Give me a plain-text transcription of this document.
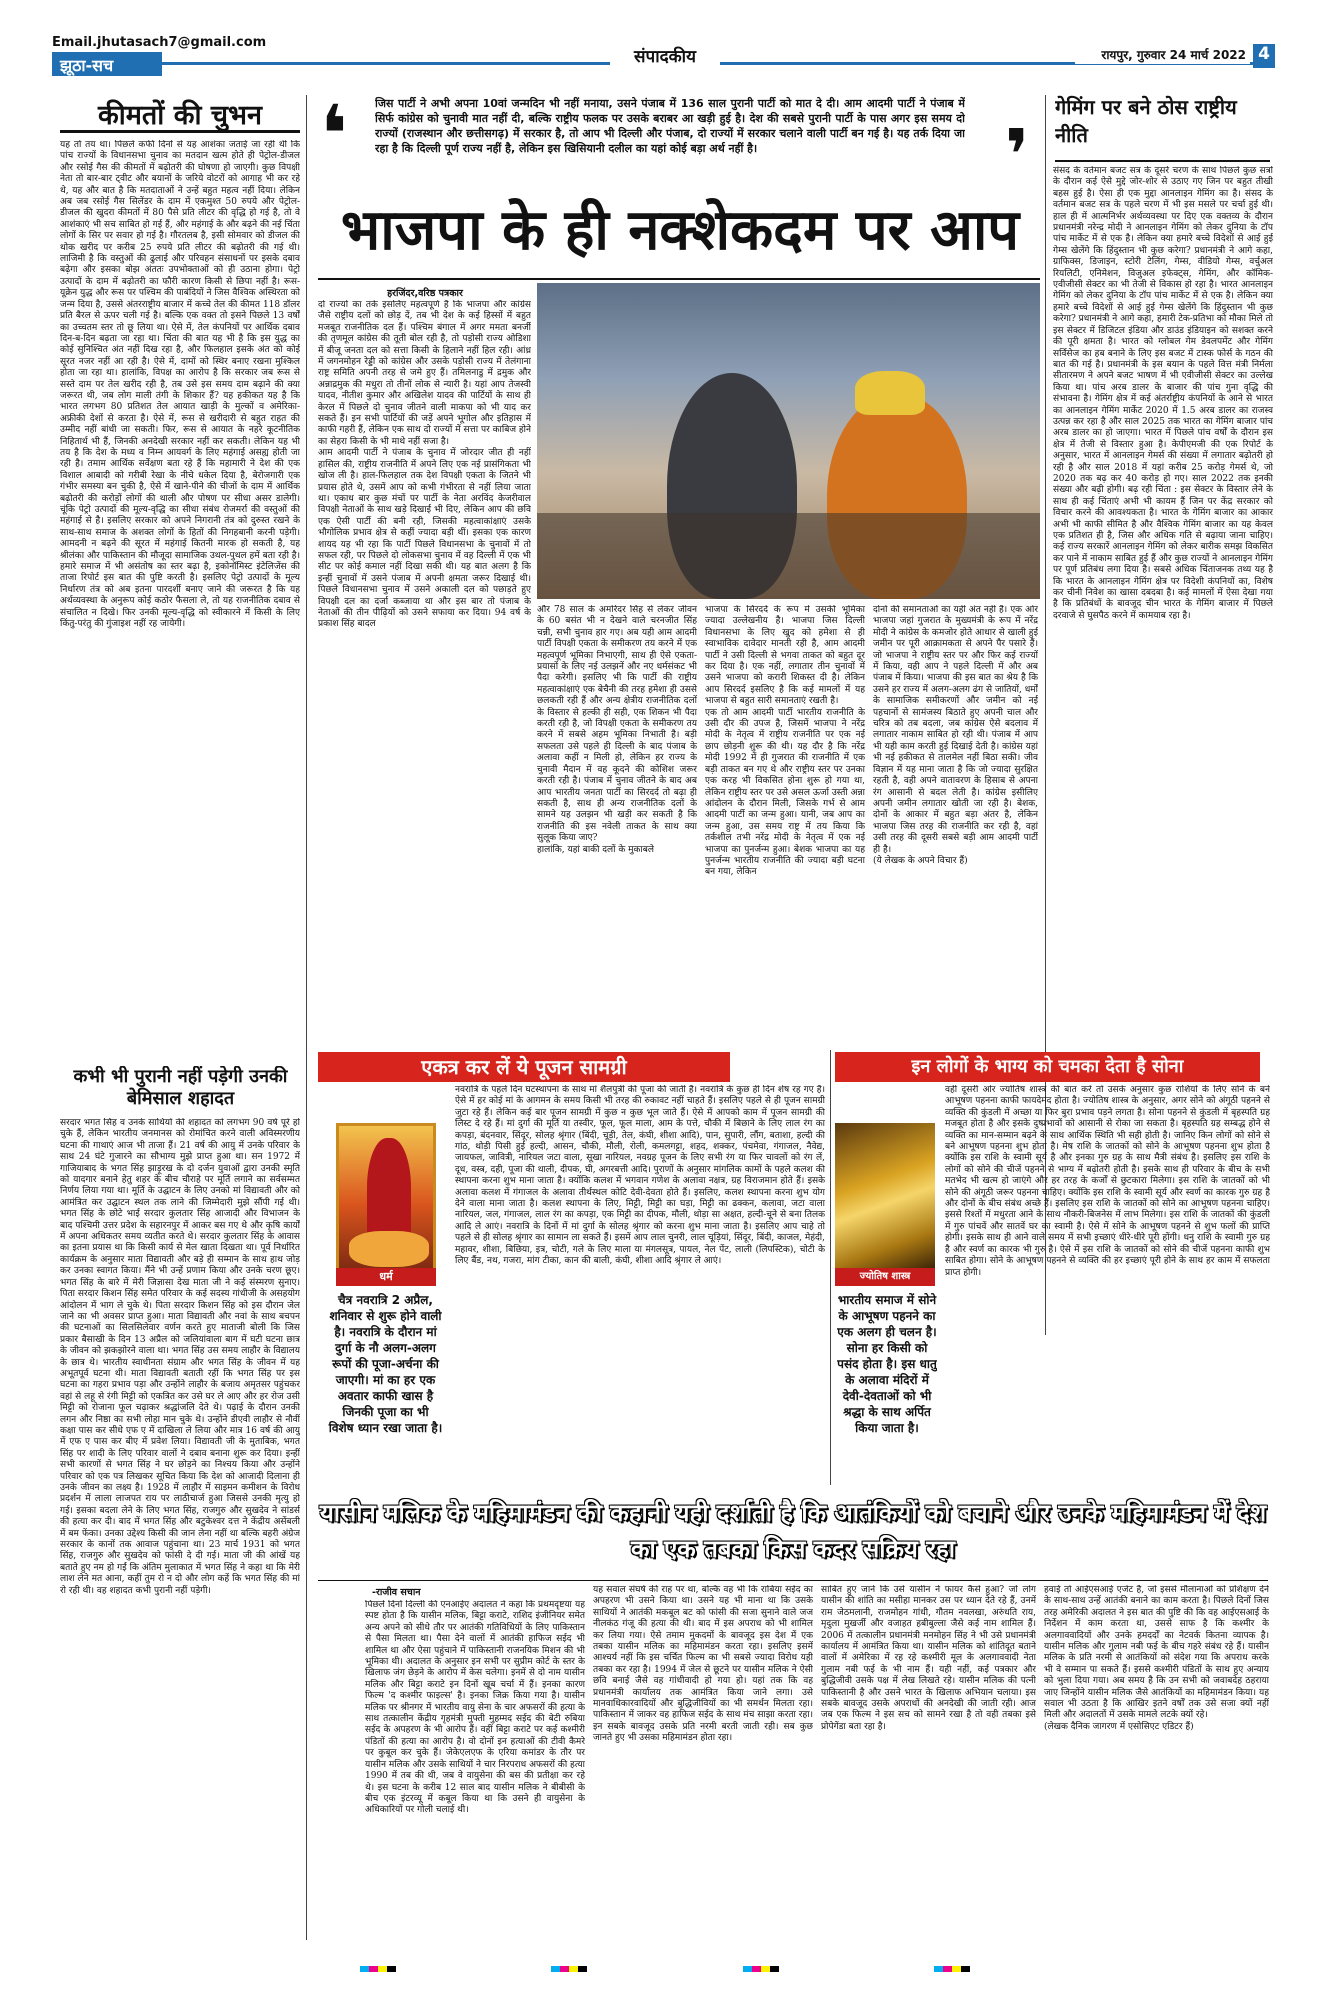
Email.jhutasach7@gmail.com
झूठा-सच	संपादकीय	रायपुर, गुरुवार 24 मार्च 2022 4
कीमतों की चुभन

यह तो तय था। पिछले कफी दिनों से यह आशंका जताई जा रही थी कि पांच राज्यों के विधानसभा चुनाव का मतदान खत्म होते ही पेट्रोल-डीजल और रसोई गैस की कीमतों में बढ़ोतरी की घोषणा हो जाएगी। कुछ विपक्षी नेता तो बार-बार ट्वीट और बयानों के जरिये वोटरों को आगाह भी कर रहे थे, यह और बात है कि मतदाताओं ने उन्हें बहुत महत्व नहीं दिया। लेकिन अब जब रसोई गैस सिलेंडर के दाम में एकमुश्त 50 रुपये और पेट्रोल-डीजल की खुदरा कीमतों में 80 पैसे प्रति लीटर की वृद्धि हो गई है, तो वे आशंकाएं भी सच साबित हो गई हैं, और महंगाई के और बढ़ने की नई चिंता लोगों के सिर पर सवार हो गई है। गौरतलब है, इसी सोमवार को डीजल की थोक खरीद पर करीब 25 रुपये प्रति लीटर की बढ़ोतरी की गई थी। लाजिमी है कि वस्तुओं की ढुलाई और परिवहन संसाधनों पर इसके दबाव बढ़ेगा और इसका बोझ अंततः उपभोक्ताओं को ही उठाना होगा। पेट्रो उत्पादों के दाम में बढ़ोतरी का फौरी कारण किसी से छिपा नहीं है। रूस-यूक्रेन युद्ध और रूस पर पश्चिम की पाबंदियों ने जिस वैश्विक अस्थिरता को जन्म दिया है, उससे अंतरराष्ट्रीय बाजार में कच्चे तेल की कीमत 118 डॉलर प्रति बैरल से ऊपर चली गई है। बल्कि एक वक्त तो इसने पिछले 13 वर्षों का उच्चतम स्तर तो छू लिया था। ऐसे में, तेल कंपनियों पर आर्थिक दबाव दिन-ब-दिन बढ़ता जा रहा था। चिंता की बात यह भी है कि इस युद्ध का कोई सुनिश्चित अंत नहीं दिख रहा है, और फिलहाल इसके अंत को कोई सूरत नजर नहीं आ रही है। ऐसे में, दामों को स्थिर बनाए रखना मुश्किल होता जा रहा था। हालांकि, विपक्ष का आरोप है कि सरकार जब रूस से सस्ते दाम पर तेल खरीद रही है, तब उसे इस समय दाम बढ़ाने की क्या जरूरत थी, जब लोग माली तंगी के शिकार हैं? यह हकीकत यह है कि भारत लगभग 80 प्रतिशत तेल आयात खाड़ी के मुल्कों व अमेरिका-अफ्रीकी देशों से करता है। ऐसे में, रूस से खरीदारी से बहुत राहत की उम्मीद नहीं बांधी जा सकती। फिर, रूस से आयात के नहरे कूटनीतिक निहितार्थ भी हैं, जिनकी अनदेखी सरकार नहीं कर सकती। लेकिन यह भी तय है कि देश के मध्य व निम्न आयवर्ग के लिए महंगाई असह्य होती जा रही है। तमाम आर्थिक सर्वेक्षण बता रहे हैं कि महामारी ने देश की एक विशाल आबादी को गरीबी रेखा के नीचे धकेल दिया है, बेरोजगारी एक गंभीर समस्या बन चुकी है, ऐसे में खाने-पीने की चीजों के दाम में आर्थिक बढ़ोतरी की करोड़ों लोगों की थाली और पोषण पर सीधा असर डालेगी। चूंकि पेट्रो उत्पादों की मूल्य-वृद्धि का सीधा संबंध रोजमर्रा की वस्तुओं की महंगाई से है। इसलिए सरकार को अपने निगरानी तंत्र को दुरुस्त रखने के साथ-साथ समाज के अशक्त लोगों के हितों की निगहबानी करनी पड़ेगी। आमदनी न बढ़ने की सूरत में महंगाई कितनी मारक हो सकती है, यह श्रीलंका और पाकिस्तान की मौजूदा सामाजिक उथल-पुथल हमें बता रही है। हमारे समाज में भी असंतोष का स्तर बढ़ा है, इकोनॉमिस्ट इंटेलिजेंस की ताजा रिपोर्ट इस बात की पुष्टि करती है। इसलिए पेट्रो उत्पादों के मूल्य निर्धारण तंत्र को अब इतना पारदर्शी बनाए जाने की जरूरत है कि यह अर्थव्यवस्था के अनुरूप कोई कठोर फैसला ले, तो यह राजनीतिक दबाव से संचालित न दिखे। फिर उनकी मूल्य-वृद्धि को स्वीकारने में किसी के लिए किंतु-परंतु की गुंजाइश नहीं रह जायेगी।

कभी भी पुरानी नहीं पड़ेगी उनकी बेमिसाल शहादत

सरदार भगत सिंह व उनके साथियों की शहादत को लगभग 90 वर्ष पूरे हो चुके हैं, लेकिन भारतीय जनमानस को रोमांचित करने वाली अविस्मरणीय घटना की गाथाएं आज भी ताजा हैं। 21 वर्ष की आयु में उनके परिवार के साथ 24 घंटे गुजारने का सौभाग्य मुझे प्राप्त हुआ था। सन 1972 में गाजियाबाद के भगत सिंह झाड़ूरख के दो दर्जन युवाओं द्वारा उनकी स्मृति को यादगार बनाने हेतु शहर के बीच चौराहे पर मूर्ति लगाने का सर्वसम्मत निर्णय लिया गया था। मूर्ति के उद्घाटन के लिए उनको मां विद्यावती और को आमंत्रित कर उद्घाटन स्थल तक लाने की जिम्मेदारी मुझे सौंपी गई थी। भगत सिंह के छोटे भाई सरदार कुलतार सिंह आजादी और विभाजन के बाद पश्चिमी उत्तर प्रदेश के सहारनपुर में आकर बस गए थे और कृषि कार्यों में अपना अधिकतर समय व्यतीत करते थे। सरदार कुलतार सिंह के आवास का इतना प्रयास था कि किसी कार्य से मेल खाता दिखता था। पूर्व निर्धारित कार्यक्रम के अनुसार माता विद्यावती और बड़े ही सम्मान के साथ हाथ जोड़ कर उनका स्वागत किया। मैंने भी उन्हें प्रणाम किया और उनके चरण छूए। भगत सिंह के बारे में मेरी जिज्ञासा देख माता जी ने कई संस्मरण सुनाए। पिता सरदार किशन सिंह समेत परिवार के कई सदस्य गांधीजी के असहयोग आंदोलन में भाग ले चुके थे। पिता सरदार किशन सिंह को इस दौरान जेल जाने का भी अवसर प्राप्त हुआ। माता विद्यावती और नवां के साथ बचपन की घटनाओं का सिलसिलेवार वर्णन करते हुए माताजी बोली कि जिस प्रकार बैसाखी के दिन 13 अप्रैल को जलियांवाला बाग में घटी घटना छात्र के जीवन को झकझोरने वाला था। भगत सिंह उस समय लाहौर के विद्यालय के छात्र थे। भारतीय स्वाधीनता संग्राम और भगत सिंह के जीवन में यह अभूतपूर्व घटना थी। माता विद्यावती बताती रहीं कि भगत सिंह पर इस घटना का गहरा प्रभाव पड़ा और उन्होंने लाहौर के बजाय अमृतसर पहुंचकर वहां से लहू से रंगी मिट्टी को एकत्रित कर उसे घर ले आए और हर रोज उसी मिट्टी को रोजाना फूल चढ़ाकर श्रद्धांजलि देते थे। पढ़ाई के दौरान उनकी लगन और निष्ठा का सभी लोहा मान चुके थे। उन्होंने डीएवी लाहौर से नौवीं कक्षा पास कर सीधे एफ ए में दाखिला ले लिया और मात्र 16 वर्ष की आयु में एफ ए पास कर बीए में प्रवेश लिया। विद्यावती जी के मुताबिक, भगत सिंह पर शादी के लिए परिवार वालों ने दबाव बनाना शुरू कर दिया। इन्हीं सभी कारणों से भगत सिंह ने घर छोड़ने का निश्चय किया और उन्होंने परिवार को एक पत्र लिखकर सूचित किया कि देश को आजादी दिलाना ही उनके जीवन का लक्ष्य है। 1928 में लाहौर में साइमन कमीशन के विरोध प्रदर्शन में लाला लाजपत राय पर लाठीचार्ज हुआ जिससे उनकी मृत्यु हो गई। इसका बदला लेने के लिए भगत सिंह, राजगुरु और सुखदेव ने सांडर्स की हत्या कर दी। बाद में भगत सिंह और बटुकेश्वर दत्त ने केंद्रीय असेंबली में बम फेंका। उनका उद्देश्य किसी की जान लेना नहीं था बल्कि बहरी अंग्रेज सरकार के कानों तक आवाज पहुंचाना था। 23 मार्च 1931 को भगत सिंह, राजगुरु और सुखदेव को फांसी दे दी गई। माता जी की आंखें यह बताते हुए नम हो गईं कि अंतिम मुलाकात में भगत सिंह ने कहा था कि मेरी लाश लेने मत आना, कहीं तुम रो न दो और लोग कहें कि भगत सिंह की मां रो रही थी। वह शहादत कभी पुरानी नहीं पड़ेगी।

❛	जिस पार्टी ने अभी अपना 10वां जन्मदिन भी नहीं मनाया, उसने पंजाब में 136 साल पुरानी पार्टी को मात दे दी। आम आदमी पार्टी ने पंजाब में सिर्फ कांग्रेस को चुनावी मात नहीं दी, बल्कि राष्ट्रीय फलक पर उसके बराबर आ खड़ी हुई है। देश की सबसे पुरानी पार्टी के पास अगर इस समय दो राज्यों (राजस्थान और छत्तीसगढ़) में सरकार है, तो आप भी दिल्ली और पंजाब, दो राज्यों में सरकार चलाने वाली पार्टी बन गई है। यह तर्क दिया जा रहा है कि दिल्ली पूर्ण राज्य नहीं है, लेकिन इस खिसियानी दलील का यहां कोई बड़ा अर्थ नहीं है।	❜
भाजपा के ही नक्शेकदम पर आप
हरजिंदर,वरिष्ठ पत्रकार

दो राज्यों का तर्क इसलिए महत्वपूर्ण है कि भाजपा और कांग्रेस जैसे राष्ट्रीय दलों को छोड़ दें, तब भी देश के कई हिस्सों में बहुत मजबूत राजनीतिक दल हैं। पश्चिम बंगाल में अगर ममता बनर्जी की तृणमूल कांग्रेस की तूती बोल रही है, तो पड़ोसी राज्य ओडिशा में बीजू जनता दल को सत्ता किसी के हिलाने नहीं हिल रही। आंध्र में जगनमोहन रेड्डी को कांग्रेस और उसके पड़ोसी राज्य में तेलंगाना राष्ट्र समिति अपनी तरह से जमे हुए हैं। तमिलनाडु में द्रमुक और अन्नाद्रमुक की मधुरा तो तीनों लोक से न्यारी है। यहां आप तेजस्वी यादव, नीतीश कुमार और अखिलेश यादव की पार्टियों के साथ ही केरल में पिछले दो चुनाव जीतने वाली माकपा को भी याद कर सकते हैं। इन सभी पार्टियों की जड़ें अपने भूगोल और इतिहास में काफी गहरी हैं, लेकिन एक साथ दो राज्यों में सत्ता पर काबिज होने का सेहरा किसी के भी माथे नहीं सजा है।
आम आदमी पार्टी ने पंजाब के चुनाव में जोरदार जीत ही नहीं हासिल की, राष्ट्रीय राजनीति में अपने लिए एक नई प्रासंगिकता भी खोज ली है। हाल-फिलहाल तक देश विपक्षी एकता के जितने भी प्रयास होते थे, उसमें आप को कभी गंभीरता से नहीं लिया जाता था। एकाध बार कुछ मंचों पर पार्टी के नेता अरविंद केजरीवाल विपक्षी नेताओं के साथ खड़े दिखाई भी दिए, लेकिन आप की छवि एक ऐसी पार्टी की बनी रही, जिसकी महत्वाकांक्षाएं उसके भौगोलिक प्रभाव क्षेत्र से कहीं ज्यादा बड़ी थीं। इसका एक कारण शायद यह भी रहा कि पार्टी पिछले विधानसभा के चुनावों में तो सफल रही, पर पिछले दो लोकसभा चुनाव में वह दिल्ली में एक भी सीट पर कोई कमाल नहीं दिखा सकी थी। यह बात अलग है कि इन्हीं चुनावों में उसने पंजाब में अपनी क्षमता जरूर दिखाई थी। पिछले विधानसभा चुनाव में उसने अकाली दल को पछाड़ते हुए विपक्षी दल का दर्जा कब्जाया था और इस बार तो पंजाब के नेताओं की तीन पीढ़ियों को उसने सफाया कर दिया। 94 वर्ष के प्रकाश सिंह बादल

और 78 साल के अमरिंदर सिंह से लेकर जीवन के 60 बसंत भी न देखने वाले चरनजीत सिंह चन्नी, सभी चुनाव हार गए। अब यही आम आदमी पार्टी विपक्षी एकता के समीकरण तय करने में एक महत्वपूर्ण भूमिका निभाएगी, साथ ही ऐसे एकता-प्रयासों के लिए नई उलझनें और नए धर्मसंकट भी पैदा करेगी। इसलिए भी कि पार्टी की राष्ट्रीय महत्वाकांक्षाएं एक बेचैनी की तरह हमेशा ही उससे छलकती रही हैं और अन्य क्षेत्रीय राजनीतिक दलों के विस्तार से हल्की ही सही, एक शिकन भी पैदा करती रही है, जो विपक्षी एकता के समीकरण तय करने में सबसे अहम भूमिका निभाती है। बड़ी सफलता उसे पहले ही दिल्ली के बाद पंजाब के अलावा कहीं न मिली हो, लेकिन हर राज्य के चुनावी मैदान में वह कूदने की कोशिश जरूर करती रही है। पंजाब में चुनाव जीतने के बाद अब आप भारतीय जनता पार्टी का सिरदर्द तो बढ़ा ही सकती है, साथ ही अन्य राजनीतिक दलों के सामने यह उलझन भी खड़ी कर सकती है कि राजनीति की इस नवेली ताकत के साथ क्या सुलूक किया जाए?
हालांकि, यहां बाकी दलों के मुकाबले

भाजपा के सिरदर्द के रूप में उसकी भूमिका ज्यादा उल्लेखनीय है। भाजपा जिस दिल्ली विधानसभा के लिए खुद को हमेशा से ही स्वाभाविक दावेदार मानती रही है, आम आदमी पार्टी ने उसी दिल्ली से भगवा ताकत को बहुत दूर कर दिया है। एक नहीं, लगातार तीन चुनावों में उसने भाजपा को करारी शिकस्त दी है। लेकिन आप सिरदर्द इसलिए है कि कई मामलों में यह भाजपा से बहुत सारी समानताएं रखती है।
एक तो आम आदमी पार्टी भारतीय राजनीति के उसी दौर की उपज है, जिसमें भाजपा ने नरेंद्र मोदी के नेतृत्व में राष्ट्रीय राजनीति पर एक नई छाप छोड़नी शुरू की थी। यह दौर है कि नरेंद्र मोदी 1992 में ही गुजरात की राजनीति में एक बड़ी ताकत बन गए थे और राष्ट्रीय स्तर पर उनका एक करह भी विकसित होना शुरू हो गया था, लेकिन राष्ट्रीय स्तर पर उसे असल ऊर्जा उस्ती अन्ना आंदोलन के दौरान मिली, जिसके गर्भ से आम आदमी पार्टी का जन्म हुआ। यानी, जब आप का जन्म हुआ, उस समय राष्ट्र में तय किया कि तर्कशील तभी नरेंद्र मोदी के नेतृत्व में एक नई भाजपा का पुनर्जन्म हुआ। बेशक भाजपा का यह पुनर्जन्म भारतीय राजनीति की ज्यादा बड़ी घटना बन गया, लेकिन

दोनों की समानताओं का यही अंत नहीं है। एक ओर भाजपा जहां गुजरात के मुख्यमंत्री के रूप में नरेंद्र मोदी ने कांग्रेस के कमजोर होते आधार से खाली हुई जमीन पर पूरी आक्रामकता से अपने पैर पसारे हैं। जो भाजपा ने राष्ट्रीय स्तर पर और फिर कई राज्यों में किया, वही आप ने पहले दिल्ली में और अब पंजाब में किया। भाजपा की इस बात का श्रेय है कि उसने हर राज्य में अलग-अलग ढंग से जातियों, धर्मों के सामाजिक समीकरणों और जमीन को नई पहचानों से सामंजस्य बिठाते हुए अपनी चाल और चरित्र को तब बदला, जब कांग्रेस ऐसे बदलाव में लगातार नाकाम साबित हो रही थी। पंजाब में आप भी यही काम करती हुई दिखाई देती है। कांग्रेस यहां भी नई हकीकत से तालमेल नहीं बिठा सकी। जीव विज्ञान में यह माना जाता है कि जो ज्यादा सुरक्षित रहती है, वही अपने वातावरण के हिसाब से अपना रंग आसानी से बदल लेती है। कांग्रेस इसीलिए अपनी जमीन लगातार खोती जा रही है। बेशक, दोनों के आकार में बहुत बड़ा अंतर है, लेकिन भाजपा जिस तरह की राजनीति कर रही है, वहां उसी तरह की दूसरी सबसे बड़ी आम आदमी पार्टी ही है।
(ये लेखक के अपने विचार हैं)

गेमिंग पर बने ठोस राष्ट्रीय नीति

संसद के वर्तमान बजट सत्र के दूसरे चरण के साथ पिछले कुछ सत्रों के दौरान कई ऐसे मुद्दे जोर-शोर से उठाए गए जिन पर बहुत तीखी बहस हुई है। ऐसा ही एक मुद्दा आनलाइन गेमिंग का है। संसद के वर्तमान बजट सत्र के पहले चरण में भी इस मसले पर चर्चा हुई थी। हाल ही में आत्मनिर्भर अर्थव्यवस्था पर दिए एक वक्तव्य के दौरान प्रधानमंत्री नरेन्द्र मोदी ने आनलाइन गेमिंग को लेकर दुनिया के टॉप पांच मार्केट में से एक है। लेकिन क्या हमारे बच्चे विदेशों से आई हुई गेम्स खेलेंगे कि हिंदुस्तान भी कुछ करेगा? प्रधानमंत्री ने आगे कहा, ग्राफिक्स, डिजाइन, स्टोरी टेलिंग, गेम्स, वीडियो गेम्स, वर्चुअल रियलिटी, एनिमेशन, विजुअल इफेक्ट्स, गेमिंग, और कॉमिक-एवीजीसी सेक्टर का भी तेजी से विकास हो रहा है। भारत आनलाइन गेमिंग को लेकर दुनिया के टॉप पांच मार्केट में से एक है। लेकिन क्या हमारे बच्चे विदेशों से आई हुई गेम्स खेलेंगे कि हिंदुस्तान भी कुछ करेगा? प्रधानमंत्री ने आगे कहा, हमारी टेक-प्रतिभा को मौका मिले तो इस सेक्टर में डिजिटल इंडिया और डाउंड इंडियाइन को सशक्त करने की पूरी क्षमता है। भारत को ग्लोबल गेम डेवलपमेंट और गेमिंग सर्विसेज का हब बनाने के लिए इस बजट में टास्क फोर्स के गठन की बात की गई है। प्रधानमंत्री के इस बयान के पहले वित्त मंत्री निर्मला सीतारमण ने अपने बजट भाषण में भी एवीजीसी सेक्टर का उल्लेख किया था। पांच अरब डालर के बाजार की पांच गुना वृद्धि की संभावना है। गेमिंग क्षेत्र में कई अंतर्राष्ट्रीय कंपनियों के आने से भारत का आनलाइन गेमिंग मार्केट 2020 में 1.5 अरब डालर का राजस्व उत्पन्न कर रहा है और साल 2025 तक भारत का गेमिंग बाजार पांच अरब डालर का हो जाएगा। भारत में पिछले पांच वर्षों के दौरान इस क्षेत्र में तेजी से विस्तार हुआ है। केपीएमजी की एक रिपोर्ट के अनुसार, भारत में आनलाइन गेमर्स की संख्या में लगातार बढ़ोतरी हो रही है और साल 2018 में यहां करीब 25 करोड़ गेमर्स थे, जो 2020 तक बढ़ कर 40 करोड़ हो गए। साल 2022 तक इनकी संख्या और बढ़ी होगी। बढ़ रही चिंता : इस सेक्टर के विस्तार लेने के साथ ही कई चिंताएं अभी भी कायम हैं जिन पर केंद्र सरकार को विचार करने की आवश्यकता है। भारत के गेमिंग बाजार का आकार अभी भी काफी सीमित है और वैश्विक गेमिंग बाजार का यह केवल एक प्रतिशत ही है, जिस और अधिक गति से बढ़ाया जाना चाहिए। कई राज्य सरकारें आनलाइन गेमिंग को लेकर बारीक समझ विकसित कर पाने में नाकाम साबित हुई हैं और कुछ राज्यों ने आनलाइन गेमिंग पर पूर्ण प्रतिबंध लगा दिया है। सबसे अधिक चिंताजनक तथ्य यह है कि भारत के आनलाइन गेमिंग क्षेत्र पर विदेशी कंपनियों का, विशेष कर चीनी निवेश का खासा दबदबा है। कई मामलों में ऐसा देखा गया है कि प्रतिबंधों के बावजूद चीन भारत के गेमिंग बाजार में पिछले दरवाजे से घुसपैठ करने में कामयाब रहा है।

एकत्र कर लें ये पूजन सामग्री
धर्म
चैत्र नवरात्रि 2 अप्रैल, शनिवार से शुरू होने वाली है। नवरात्रि के दौरान मां दुर्गा के नौ अलग-अलग रूपों की पूजा-अर्चना की जाएगी। मां का हर एक अवतार काफी खास है जिनकी पूजा का भी विशेष ध्यान रखा जाता है।

नवरात्रि के पहले दिन घटस्थापना के साथ मां शैलपुत्री की पूजा की जाती है। नवरात्रि के कुछ ही दिन शेष रह गए हैं। ऐसे में हर कोई मां के आगमन के समय किसी भी तरह की रुकावट नहीं चाहते हैं। इसलिए पहले से ही पूजन सामग्री जुटा रहे हैं। लेकिन कई बार पूजन सामग्री में कुछ न कुछ भूल जाते हैं। ऐसे में आपको काम में पूजन सामग्री की लिस्ट दे रहे हैं। मां दुर्गा की मूर्ति या तस्वीर, फूल, फूल माला, आम के पत्ते, चौकी में बिछाने के लिए लाल रंग का कपड़ा, बंदनवार, सिंदूर, सोलह श्रृंगार (बिंदी, चूड़ी, तेल, कंघी, शीशा आदि), पान, सुपारी, लौंग, बताशा, हल्दी की गांठ, थोड़ी पिसी हुई हल्दी, आसन, चौकी, मौली, रोली, कमलगट्टा, शहद, शक्कर, पंचमेवा, गंगाजल, नैवेद्य, जायफल, जावित्री, नारियल जटा वाला, सूखा नारियल, नवग्रह पूजन के लिए सभी रंग या फिर चावलों को रंग लें, दूध, वस्त्र, दही, पूजा की थाली, दीपक, घी, अगरबत्ती आदि। पुराणों के अनुसार मांगलिक कामों के पहले कलश की स्थापना करना शुभ माना जाता है। क्योंकि कलश में भगवान गणेश के अलावा नक्षत्र, ग्रह विराजमान होते हैं। इसके अलावा कलश में गंगाजल के अलावा तीर्थस्थल कोटि देवी-देवता होते हैं। इसलिए, कलश स्थापना करना शुभ योग देने वाला माना जाता है। कलश स्थापना के लिए, मिट्टी, मिट्टी का घड़ा, मिट्टी का ढक्कन, कलावा, जटा वाला नारियल, जल, गंगाजल, लाल रंग का कपड़ा, एक मिट्टी का दीपक, मौली, थोड़ा सा अक्षत, हल्दी-चूने से बना तिलक आदि ले आएं। नवरात्रि के दिनों में मां दुर्गा के सोलह श्रृंगार को करना शुभ माना जाता है। इसलिए आप चाहे तो पहले से ही सोलह श्रृंगार का सामान ला सकते हैं। इसमें आप लाल चुनरी, लाल चूड़ियां, सिंदूर, बिंदी, काजल, मेहंदी, महावर, शीशा, बिछिया, इत्र, चोटी, गले के लिए माला या मंगलसूत्र, पायल, नेल पेंट, लाली (लिपस्टिक), चोटी के लिए बैंड, नथ, गजरा, मांग टीका, कान की बाली, कंघी, शीशा आदि श्रृंगार ले आएं।

इन लोगों के भाग्य को चमका देता है सोना
ज्योतिष शास्त्र
भारतीय समाज में सोने के आभूषण पहनने का एक अलग ही चलन है। सोना हर किसी को पसंद होता है। इस धातु के अलावा मंदिरों में देवी-देवताओं को भी श्रद्धा के साथ अर्पित किया जाता है।

वहीं दूसरी ओर ज्योतिष शास्त्र की बात करें तो उसके अनुसार कुछ राशियों के लिए सोने के बने आभूषण पहनना काफी फायदेमंद होता है। ज्योतिष शास्त्र के अनुसार, अगर सोने को अंगूठी पहनने से व्यक्ति की कुंडली में अच्छा या फिर बुरा प्रभाव पड़ने लगता है। सोना पहनने से कुंडली में बृहस्पति ग्रह मजबूत होता है और इसके दुष्प्रभावों को आसानी से रोका जा सकता है। बृहस्पति ग्रह सम्बद्ध होने से व्यक्ति का मान-सम्मान बढ़ने के साथ आर्थिक स्थिति भी सही होती है। जानिए किन लोगों को सोने से बने आभूषण पहनना शुभ होता है। मेष राशि के जातकों को सोने के आभूषण पहनना शुभ होता है क्योंकि इस राशि के स्वामी सूर्य है और इनका गुरु ग्रह के साथ मैत्री संबंध है। इसलिए इस राशि के लोगों को सोने की चीजें पहनने से भाग्य में बढ़ोतरी होती है। इसके साथ ही परिवार के बीच के सभी मतभेद भी खत्म हो जाएंगे और हर तरह के कर्जों से छुटकारा मिलेगा। इस राशि के जातकों को भी सोने की अंगूठी जरूर पहनना चाहिए। क्योंकि इस राशि के स्वामी सूर्य और स्वर्ण का कारक गुरु ग्रह है और दोनों के बीच संबंध अच्छे हैं। इसलिए इस राशि के जातकों को सोने का आभूषण पहनना चाहिए। इससे रिश्तों में मधुरता आने के साथ नौकरी-बिजनेस में लाभ मिलेगा। इस राशि के जातकों की कुंडली में गुरु पांचवें और सातवें घर का स्वामी है। ऐसे में सोने के आभूषण पहनने से शुभ फलों की प्राप्ति होगी। इसके साथ ही आने वाले समय में सभी इच्छाएं धीरे-धीरे पूरी होंगी। धनु राशि के स्वामी गुरु ग्रह है और स्वर्ण का कारक भी गुरु है। ऐसे में इस राशि के जातकों को सोने की चीजें पहनना काफी शुभ साबित होगा। सोने के आभूषण पहनने से व्यक्ति की हर इच्छाएं पूरी होने के साथ हर काम में सफलता प्राप्त होगी।

यासीन मलिक के महिमामंडन की कहानी यही दर्शाती है कि आतंकियों को बचाने और उनके महिमामंडन में देश का एक तबका किस कदर सक्रिय रहा
-राजीव सचान

पिछले दिनों दिल्ली की एनआईए अदालत ने कहा कि प्रथमदृष्टया यह स्पष्ट होता है कि यासीन मलिक, बिट्टा कराटे, राशिद इंजीनियर समेत अन्य अपने को सीधे तौर पर आतंकी गतिविधियों के लिए पाकिस्तान से पैसा मिलता था। पैसा देने वालों में आतंकी हाफिज सईद भी शामिल था और ऐसा पहुंचाने में पाकिस्तानी राजनयिक मिशन की भी भूमिका थी। अदालत के अनुसार इन सभी पर सुप्रीम कोर्ट के स्तर के खिलाफ जंग छेड़ने के आरोप में केस चलेगा। इनमें से दो नाम यासीन मलिक और बिट्टा कराटे इन दिनों खूब चर्चा में हैं। इनका कारण फिल्म 'द कश्मीर फाइल्स' है। इनका जिक्र किया गया है। यासीन मलिक पर श्रीनगर में भारतीय वायु सेना के चार अफसरों की हत्या के साथ तत्कालीन केंद्रीय गृहमंत्री मुफ्ती मुहम्मद सईद की बेटी रुबिया सईद के अपहरण के भी आरोप हैं। वहीं बिट्टा कराटे पर कई कश्मीरी पंडितों की हत्या का आरोप है। वो दोनों इन हत्याओं की टीवी कैमरे पर कुबूल कर चुके हैं। जेकेएलएफ के एरिया कमांडर के तौर पर यासीन मलिक और उसके साथियों ने चार निरपराध अफसरों की हत्या 1990 में तब की थी, जब वे वायुसेना की बस की प्रतीक्षा कर रहे थे। इस घटना के करीब 12 साल बाद यासीन मलिक ने बीबीसी के बीच एक इंटरव्यू में कबूल किया था कि उसने ही वायुसेना के अधिकारियों पर गोली चलाई थी।

यह सवाल संघर्ष की राह पर था, बल्कि वह भी कि राबिया सईद का अपहरण भी उसने किया था। उसने यह भी माना था कि उसके साथियों ने आतंकी मकबूल बट को फांसी की सजा सुनाने वाले जज नीलकंठ गंजू की हत्या की थी। बाद में इस अपराध को भी शामिल कर लिया गया। ऐसे तमाम मुकदमों के बावजूद इस देश में एक तबका यासीन मलिक का महिमामंडन करता रहा। इसलिए इसमें आश्चर्य नहीं कि इस चर्चित फिल्म का भी सबसे ज्यादा विरोध यही तबका कर रहा है। 1994 में जेल से छूटने पर यासीन मलिक ने ऐसी छवि बनाई जैसे वह गांधीवादी हो गया हो। यहां तक कि वह प्रधानमंत्री कार्यालय तक आमंत्रित किया जाने लगा। उसे मानवाधिकारवादियों और बुद्धिजीवियों का भी समर्थन मिलता रहा। पाकिस्तान में जाकर वह हाफिज सईद के साथ मंच साझा करता रहा। इन सबके बावजूद उसके प्रति नरमी बरती जाती रही। सब कुछ जानते हुए भी उसका महिमामंडन होता रहा।

साबित हुए जाने कि उसे यासीन ने फायर कैसे हुआ? जो लोग यासीन की शांति का मसीहा मानकर उस पर ध्यान देते रहे हैं, उनमें राम जेठमलानी, राजमोहन गांधी, गौतम नवलखा, अरुंधति राय, मृदुला मुखर्जी और वजाहत हबीबुल्ला जैसे कई नाम शामिल हैं। 2006 में तत्कालीन प्रधानमंत्री मनमोहन सिंह ने भी उसे प्रधानमंत्री कार्यालय में आमंत्रित किया था। यासीन मलिक को शांतिदूत बताने वालों में अमेरिका में रह रहे कश्मीरी मूल के अलगाववादी नेता गुलाम नबी फई के भी नाम हैं। यही नहीं, कई पत्रकार और बुद्धिजीवी उसके पक्ष में लेख लिखते रहे। यासीन मलिक की पत्नी पाकिस्तानी है और उसने भारत के खिलाफ अभियान चलाया। इस सबके बावजूद उसके अपराधों की अनदेखी की जाती रही। आज जब एक फिल्म ने इस सच को सामने रखा है तो वही तबका इसे प्रोपेगेंडा बता रहा है।

हवाई तो आईएसआई एजेंट है, जो इससे मौलानाओं को प्रशिक्षण देने के साथ-साथ उन्हें आतंकी बनाने का काम करता है। पिछले दिनों जिस तरह अमेरिकी अदालत ने इस बात की पुष्टि की कि वह आईएसआई के निर्देशन में काम करता था, उससे साफ है कि कश्मीर के अलगाववादियों और उनके हमदर्दों का नेटवर्क कितना व्यापक है। यासीन मलिक और गुलाम नबी फई के बीच गहरे संबंध रहे हैं। यासीन मलिक के प्रति नरमी से आतंकियों को संदेश गया कि अपराध करके भी वे सम्मान पा सकते हैं। इससे कश्मीरी पंडितों के साथ हुए अन्याय को भुला दिया गया। अब समय है कि उन सभी को जवाबदेह ठहराया जाए जिन्होंने यासीन मलिक जैसे आतंकियों का महिमामंडन किया। यह सवाल भी उठता है कि आखिर इतने वर्षों तक उसे सजा क्यों नहीं मिली और अदालतों में उसके मामले लटके क्यों रहे।
(लेखक दैनिक जागरण में एसोसिएट एडिटर हैं)
